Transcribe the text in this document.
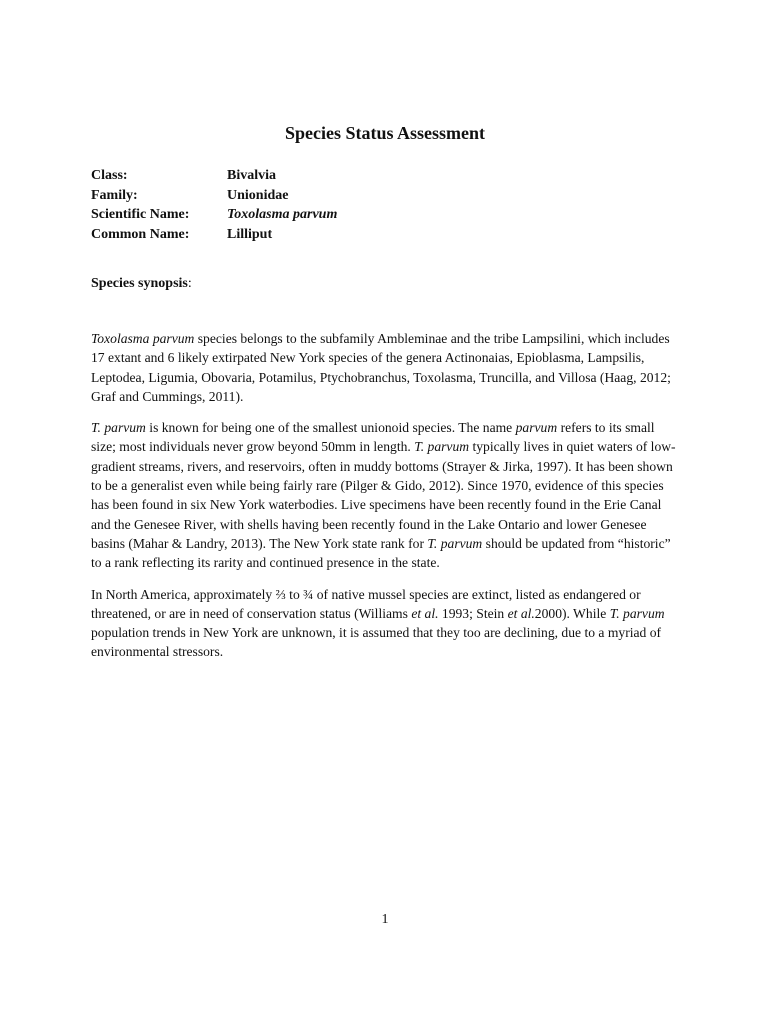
Species Status Assessment
Class:	Bivalvia
Family:	Unionidae
Scientific Name:	Toxolasma parvum
Common Name:	Lilliput
Species synopsis:

Toxolasma parvum species belongs to the subfamily Ambleminae and the tribe Lampsilini, which includes 17 extant and 6 likely extirpated New York species of the genera Actinonaias, Epioblasma, Lampsilis, Leptodea, Ligumia, Obovaria, Potamilus, Ptychobranchus, Toxolasma, Truncilla, and Villosa (Haag, 2012; Graf and Cummings, 2011).

T. parvum is known for being one of the smallest unionoid species. The name parvum refers to its small size; most individuals never grow beyond 50mm in length. T. parvum typically lives in quiet waters of low-gradient streams, rivers, and reservoirs, often in muddy bottoms (Strayer & Jirka, 1997). It has been shown to be a generalist even while being fairly rare (Pilger & Gido, 2012). Since 1970, evidence of this species has been found in six New York waterbodies. Live specimens have been recently found in the Erie Canal and the Genesee River, with shells having been recently found in the Lake Ontario and lower Genesee basins (Mahar & Landry, 2013). The New York state rank for T. parvum should be updated from “historic” to a rank reflecting its rarity and continued presence in the state.

In North America, approximately ⅔ to ¾ of native mussel species are extinct, listed as endangered or threatened, or are in need of conservation status (Williams et al. 1993; Stein et al.2000). While T. parvum population trends in New York are unknown, it is assumed that they too are declining, due to a myriad of environmental stressors.

1
